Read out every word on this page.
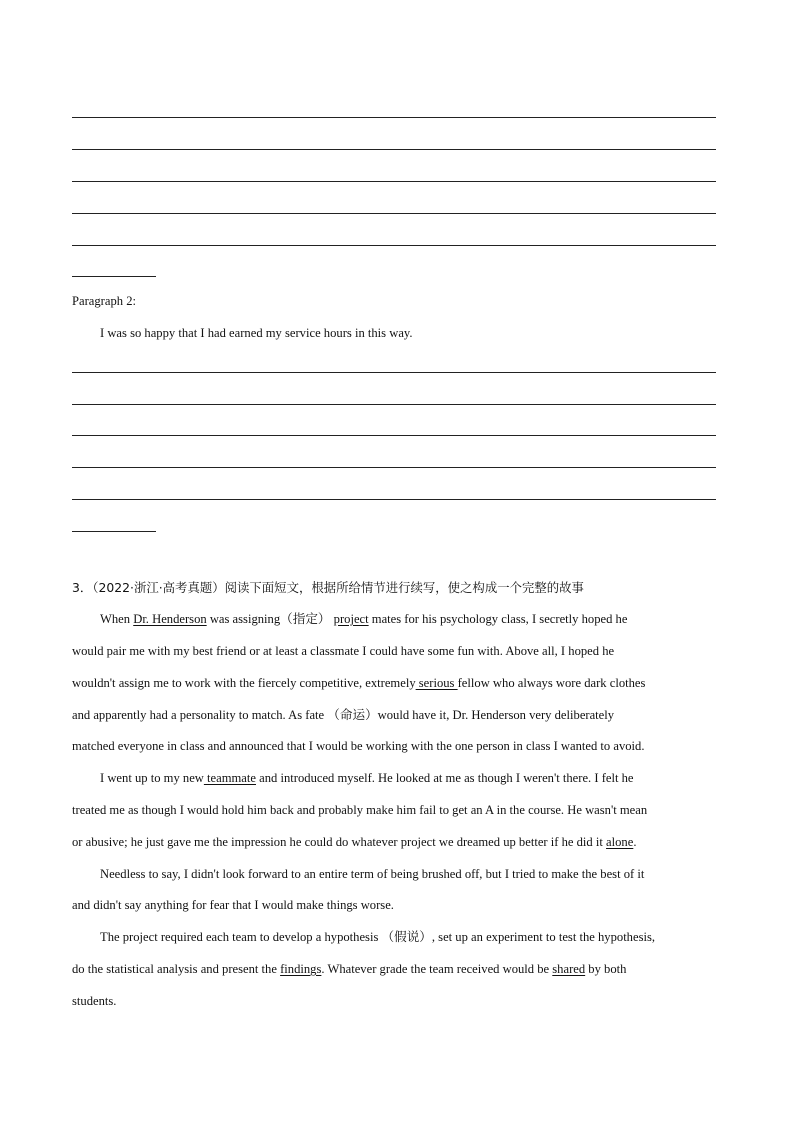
Paragraph 2:
I was so happy that I had earned my service hours in this way.
3．（2022·浙江·高考真题）阅读下面短文，根据所给情节进行续写，使之构成一个完整的故事
When Dr. Henderson was assigning（指定） project mates for his psychology class, I secretly hoped he
would pair me with my best friend or at least a classmate I could have some fun with. Above all, I hoped he
wouldn't assign me to work with the fiercely competitive, extremely serious fellow who always wore dark clothes
and apparently had a personality to match. As fate （命运）would have it, Dr. Henderson very deliberately
matched everyone in class and announced that I would be working with the one person in class I wanted to avoid.
I went up to my new teammate and introduced myself. He looked at me as though I weren't there. I felt he
treated me as though I would hold him back and probably make him fail to get an A in the course. He wasn't mean
or abusive; he just gave me the impression he could do whatever project we dreamed up better if he did it alone.
Needless to say, I didn't look forward to an entire term of being brushed off, but I tried to make the best of it
and didn't say anything for fear that I would make things worse.
The project required each team to develop a hypothesis （假说）, set up an experiment to test the hypothesis,
do the statistical analysis and present the findings. Whatever grade the team received would be shared by both
students.
